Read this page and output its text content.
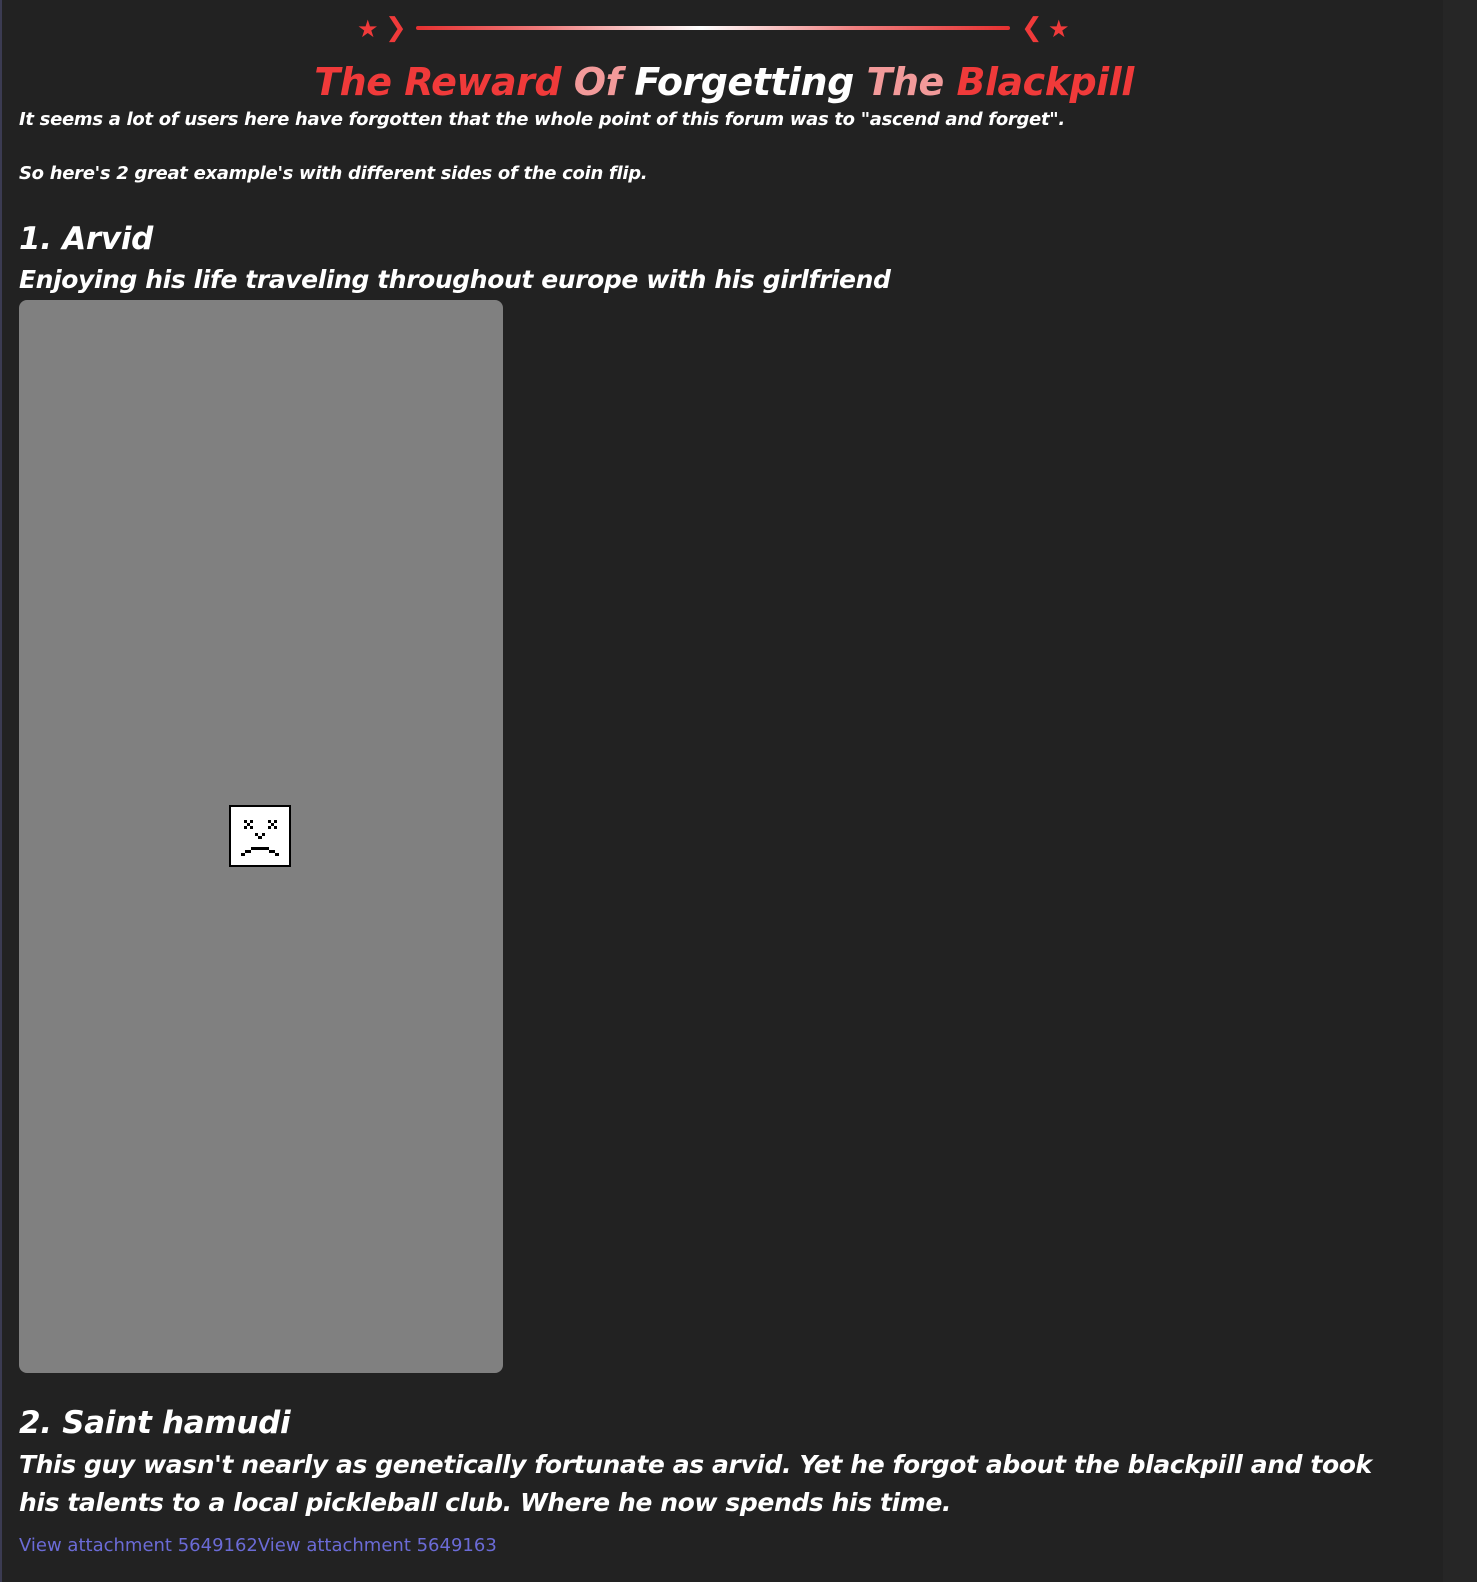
★ ❯	❮ ★
The Reward Of Forgetting The Blackpill

It seems a lot of users here have forgotten that the whole point of this forum was to "ascend and forget".

So here's 2 great example's with different sides of the coin flip.

1. Arvid

Enjoying his life traveling throughout europe with his girlfriend

2. Saint hamudi

This guy wasn't nearly as genetically fortunate as arvid. Yet he forgot about the blackpill and took his talents to a local pickleball club. Where he now spends his time.

View attachment 5649162View attachment 5649163
